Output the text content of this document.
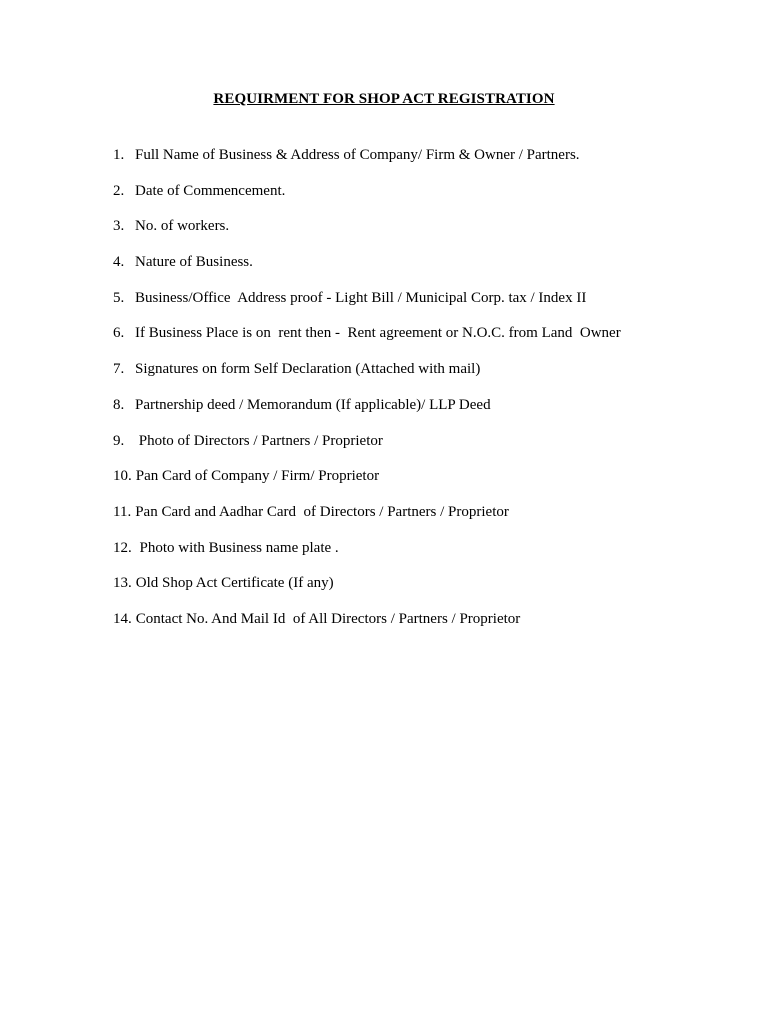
REQUIRMENT FOR SHOP ACT REGISTRATION
1. Full Name of Business & Address of Company/ Firm & Owner / Partners.
2. Date of Commencement.
3. No. of workers.
4. Nature of Business.
5. Business/Office  Address proof - Light Bill / Municipal Corp. tax / Index II
6. If Business Place is on  rent then -  Rent agreement or N.O.C. from Land  Owner
7. Signatures on form Self Declaration (Attached with mail)
8. Partnership deed / Memorandum (If applicable)/ LLP Deed
9. Photo of Directors / Partners / Proprietor
10. Pan Card of Company / Firm/ Proprietor
11. Pan Card and Aadhar Card  of Directors / Partners / Proprietor
12. Photo with Business name plate .
13. Old Shop Act Certificate (If any)
14. Contact No. And Mail Id  of All Directors / Partners / Proprietor
